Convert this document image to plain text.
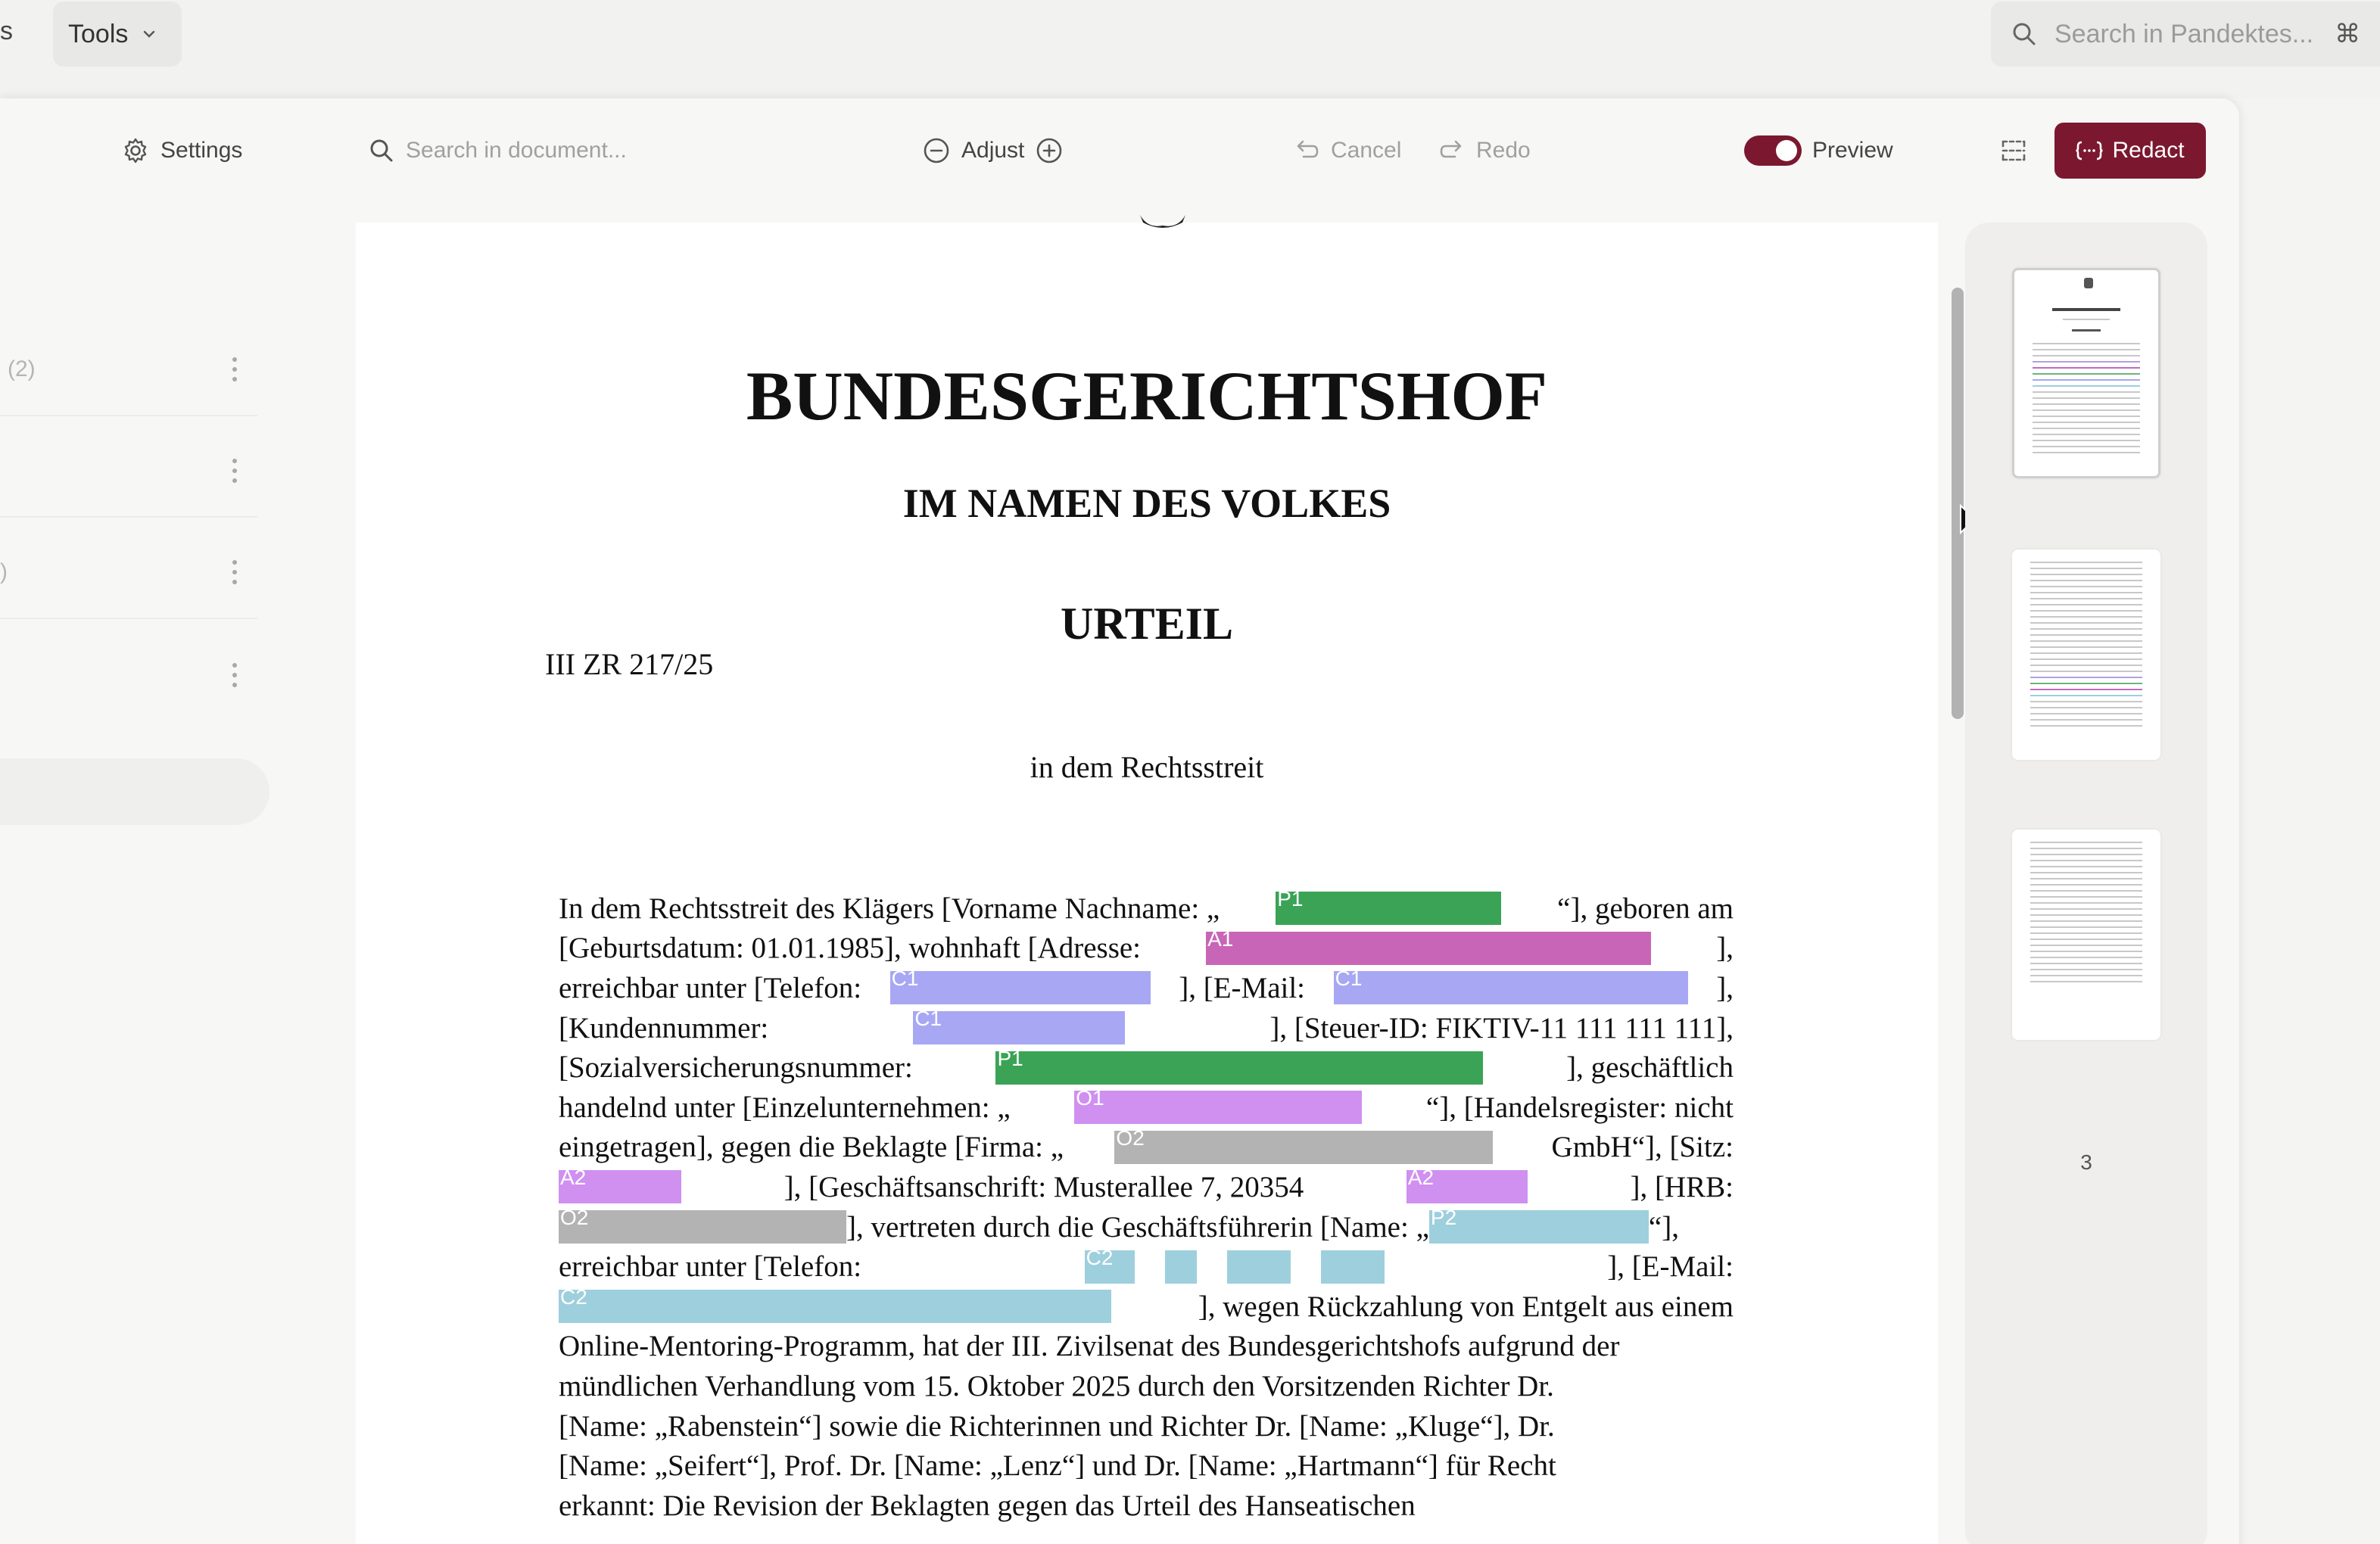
s Tools	Search in Pandektes... ⌘
Settings	Search in document...	Adjust	Cancel	Redo	Preview	Redact
(2)
)
BUNDESGERICHTSHOF
IM NAMEN DES VOLKES
URTEIL
III ZR 217/25
in dem Rechtsstreit
In dem Rechtsstreit des Klägers [Vorname Nachname: „	P1	“], geboren am
[Geburtsdatum: 01.01.1985], wohnhaft [Adresse:	A1	],
erreichbar unter [Telefon: C1	], [E-Mail: C1	],
[Kundennummer:	C1	], [Steuer-ID: FIKTIV-11 111 111 111],
[Sozialversicherungsnummer:	P1	], geschäftlich
handelnd unter [Einzelunternehmen: „	O1	“], [Handelsregister: nicht
eingetragen], gegen die Beklagte [Firma: „ O2	GmbH“], [Sitz:
A2	], [Geschäftsanschrift: Musterallee 7, 20354	A2	], [HRB:
O2	], vertreten durch die Geschäftsführerin [Name: „ P2	“],
erreichbar unter [Telefon:	C2	], [E-Mail:
C2	], wegen Rückzahlung von Entgelt aus einem
Online-Mentoring-Programm, hat der III. Zivilsenat des Bundesgerichtshofs aufgrund der
mündlichen Verhandlung vom 15. Oktober 2025 durch den Vorsitzenden Richter Dr.
[Name: „Rabenstein“] sowie die Richterinnen und Richter Dr. [Name: „Kluge“], Dr.
[Name: „Seifert“], Prof. Dr. [Name: „Lenz“] und Dr. [Name: „Hartmann“] für Recht
erkannt: Die Revision der Beklagten gegen das Urteil des Hanseatischen
3
